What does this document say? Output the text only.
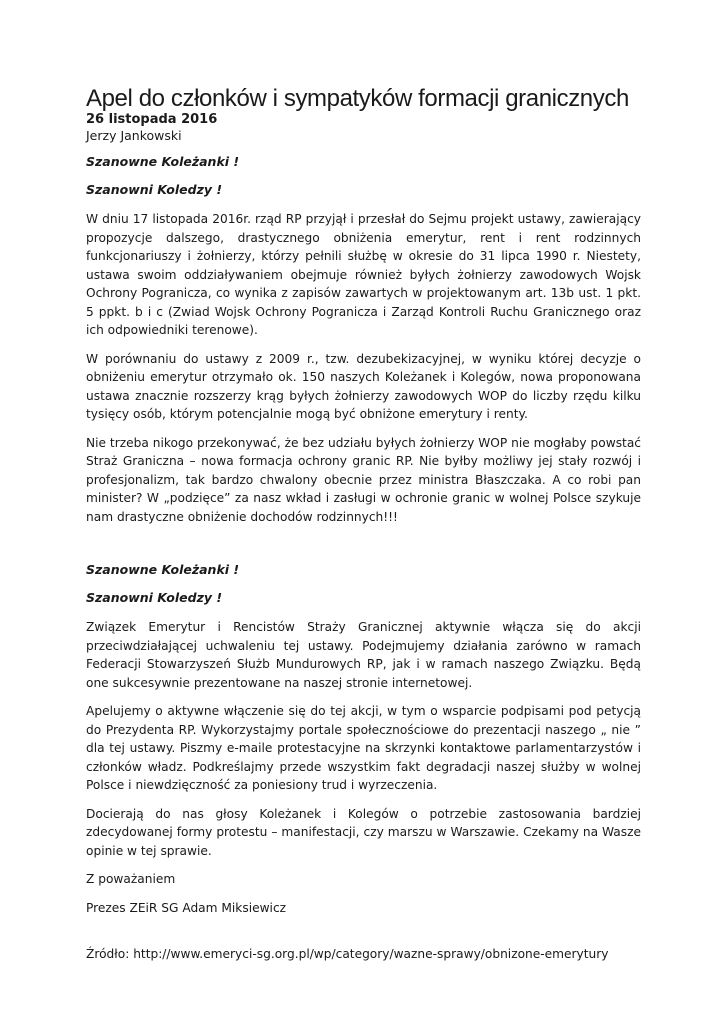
Apel do członków i sympatyków formacji granicznych

26 listopada 2016

Jerzy Jankowski

Szanowne Koleżanki !

Szanowni Koledzy !

W dniu 17 listopada 2016r. rząd RP przyjął i przesłał do Sejmu projekt ustawy, zawierający propozycje dalszego, drastycznego obniżenia emerytur, rent i rent rodzinnych funkcjonariuszy i żołnierzy, którzy pełnili służbę w okresie do 31 lipca 1990 r. Niestety, ustawa swoim oddziaływaniem obejmuje również byłych żołnierzy zawodowych Wojsk Ochrony Pogranicza, co wynika z zapisów zawartych w projektowanym art. 13b ust. 1 pkt. 5 ppkt. b i c (Zwiad Wojsk Ochrony Pogranicza i Zarząd Kontroli Ruchu Granicznego oraz ich odpowiedniki terenowe).

W porównaniu do ustawy z 2009 r., tzw. dezubekizacyjnej, w wyniku której decyzje o obniżeniu emerytur otrzymało ok. 150 naszych Koleżanek i Kolegów, nowa proponowana ustawa znacznie rozszerzy krąg byłych żołnierzy zawodowych WOP do liczby rzędu kilku tysięcy osób, którym potencjalnie mogą być obniżone emerytury i renty.

Nie trzeba nikogo przekonywać, że bez udziału byłych żołnierzy WOP nie mogłaby powstać Straż Graniczna – nowa formacja ochrony granic RP. Nie byłby możliwy jej stały rozwój i profesjonalizm, tak bardzo chwalony obecnie przez ministra Błaszczaka. A co robi pan minister? W „podzięce” za nasz wkład i zasługi w ochronie granic w wolnej Polsce szykuje nam drastyczne obniżenie dochodów rodzinnych!!!

Szanowne Koleżanki !

Szanowni Koledzy !

Związek Emerytur i Rencistów Straży Granicznej aktywnie włącza się do akcji przeciwdziałającej uchwaleniu tej ustawy. Podejmujemy działania zarówno w ramach Federacji Stowarzyszeń Służb Mundurowych RP, jak i w ramach naszego Związku. Będą one sukcesywnie prezentowane na naszej stronie internetowej.

Apelujemy o aktywne włączenie się do tej akcji, w tym o wsparcie podpisami pod petycją do Prezydenta RP. Wykorzystajmy portale społecznościowe do prezentacji naszego „ nie ” dla tej ustawy. Piszmy e-maile protestacyjne na skrzynki kontaktowe parlamentarzystów i członków władz. Podkreślajmy przede wszystkim fakt degradacji naszej służby w wolnej Polsce i niewdzięczność za poniesiony trud i wyrzeczenia.

Docierają do nas głosy Koleżanek i Kolegów o potrzebie zastosowania bardziej zdecydowanej formy protestu – manifestacji, czy marszu w Warszawie. Czekamy na Wasze opinie w tej sprawie.

Z poważaniem

Prezes ZEiR SG Adam Miksiewicz

Źródło: http://www.emeryci-sg.org.pl/wp/category/wazne-sprawy/obnizone-emerytury
